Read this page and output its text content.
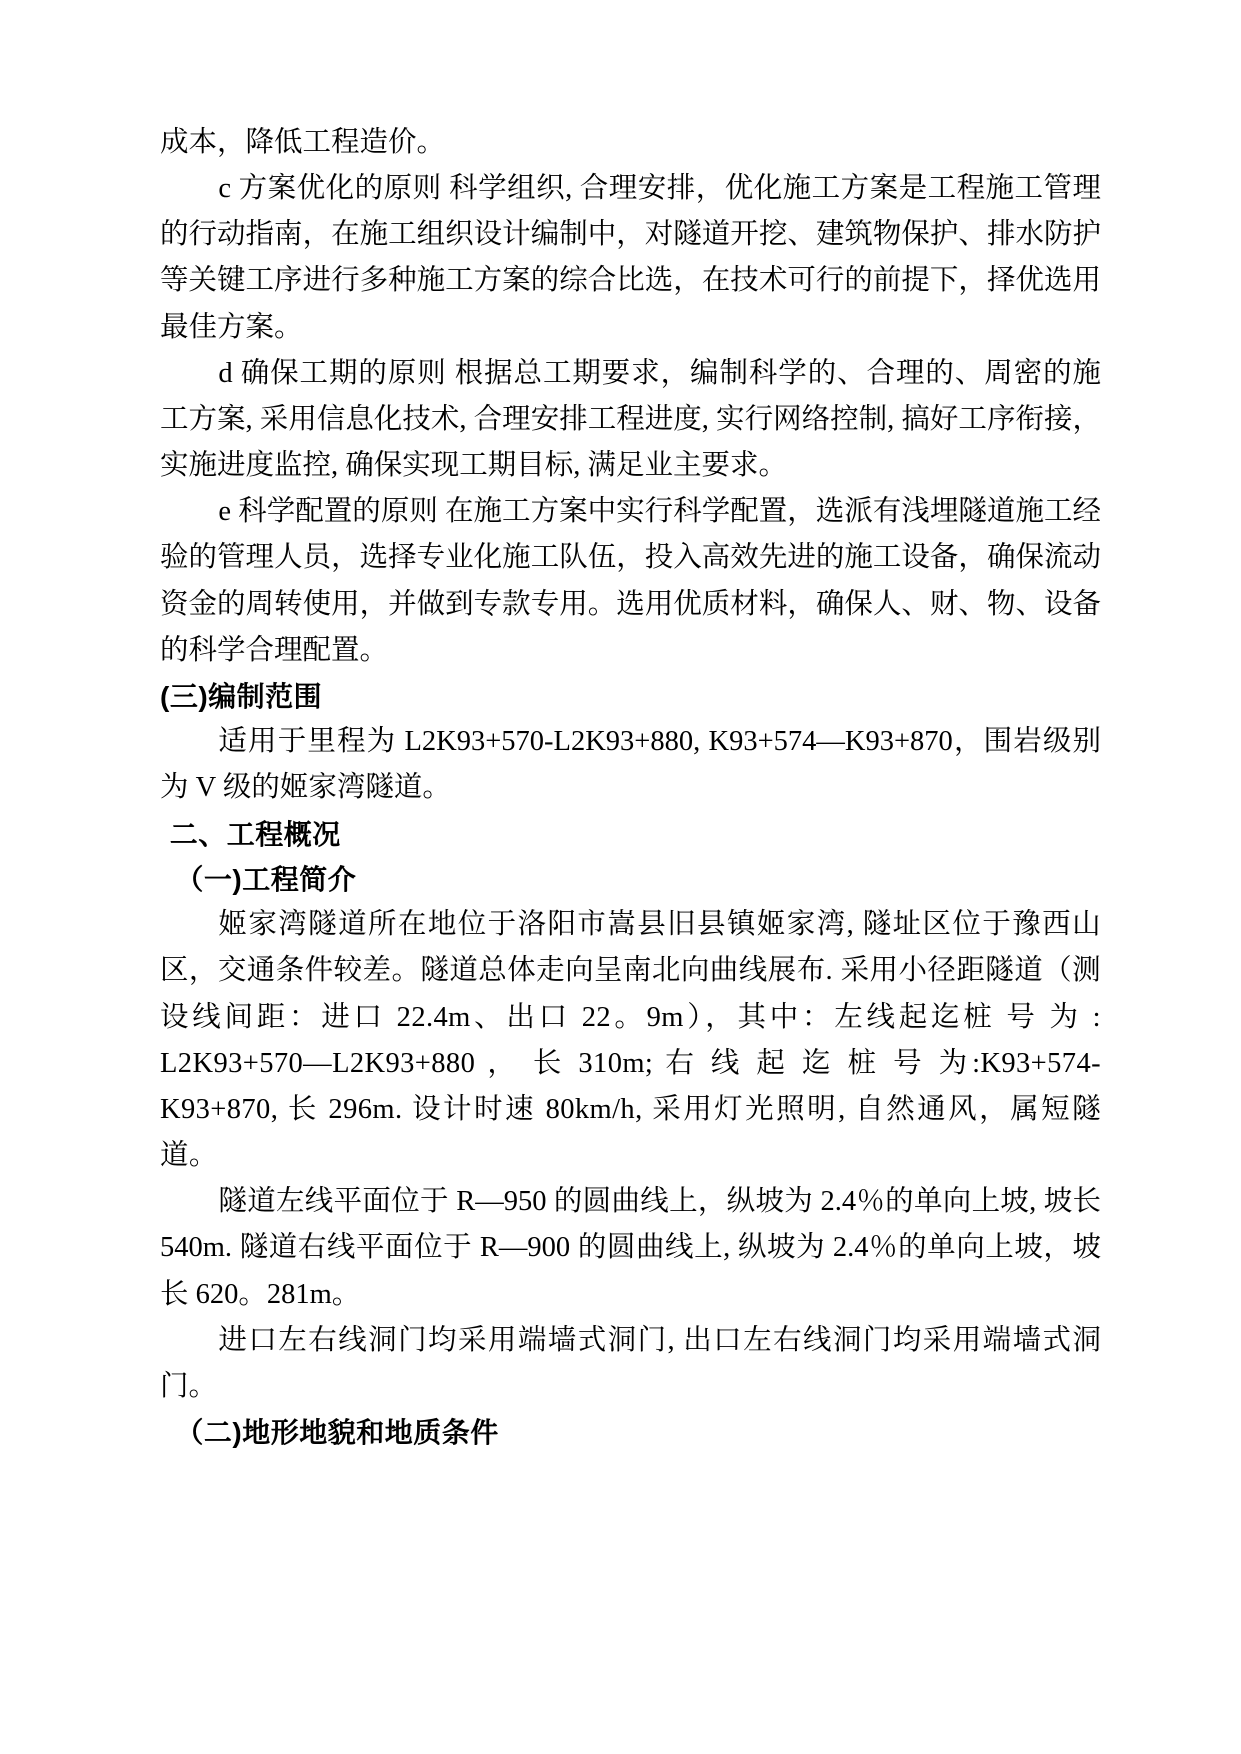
成本，降低工程造价。

c 方案优化的原则 科学组织, 合理安排，优化施工方案是工程施工管理的行动指南，在施工组织设计编制中，对隧道开挖、建筑物保护、排水防护等关键工序进行多种施工方案的综合比选，在技术可行的前提下，择优选用最佳方案。

d 确保工期的原则 根据总工期要求，编制科学的、合理的、周密的施工方案, 采用信息化技术, 合理安排工程进度, 实行网络控制, 搞好工序衔接，实施进度监控, 确保实现工期目标, 满足业主要求。

e 科学配置的原则 在施工方案中实行科学配置，选派有浅埋隧道施工经验的管理人员，选择专业化施工队伍，投入高效先进的施工设备，确保流动资金的周转使用，并做到专款专用。选用优质材料，确保人、财、物、设备的科学合理配置。

(三)编制范围

适用于里程为 L2K93+570-L2K93+880, K93+574—K93+870，围岩级别为 V 级的姬家湾隧道。

二、工程概况

（一)工程简介

姬家湾隧道所在地位于洛阳市嵩县旧县镇姬家湾, 隧址区位于豫西山区，交通条件较差。隧道总体走向呈南北向曲线展布. 采用小径距隧道（测设线间距：进口 22.4m、出口 22。9m），其中：左线起迄桩 号 为 : L2K93+570—L2K93+880 ， 长 310m; 右 线 起 迄 桩 号 为:K93+574-K93+870, 长 296m. 设计时速 80km/h, 采用灯光照明, 自然通风，属短隧道。

隧道左线平面位于 R—950 的圆曲线上，纵坡为 2.4％的单向上坡, 坡长 540m. 隧道右线平面位于 R—900 的圆曲线上, 纵坡为 2.4％的单向上坡，坡长 620。281m。

进口左右线洞门均采用端墙式洞门, 出口左右线洞门均采用端墙式洞门。

（二)地形地貌和地质条件
